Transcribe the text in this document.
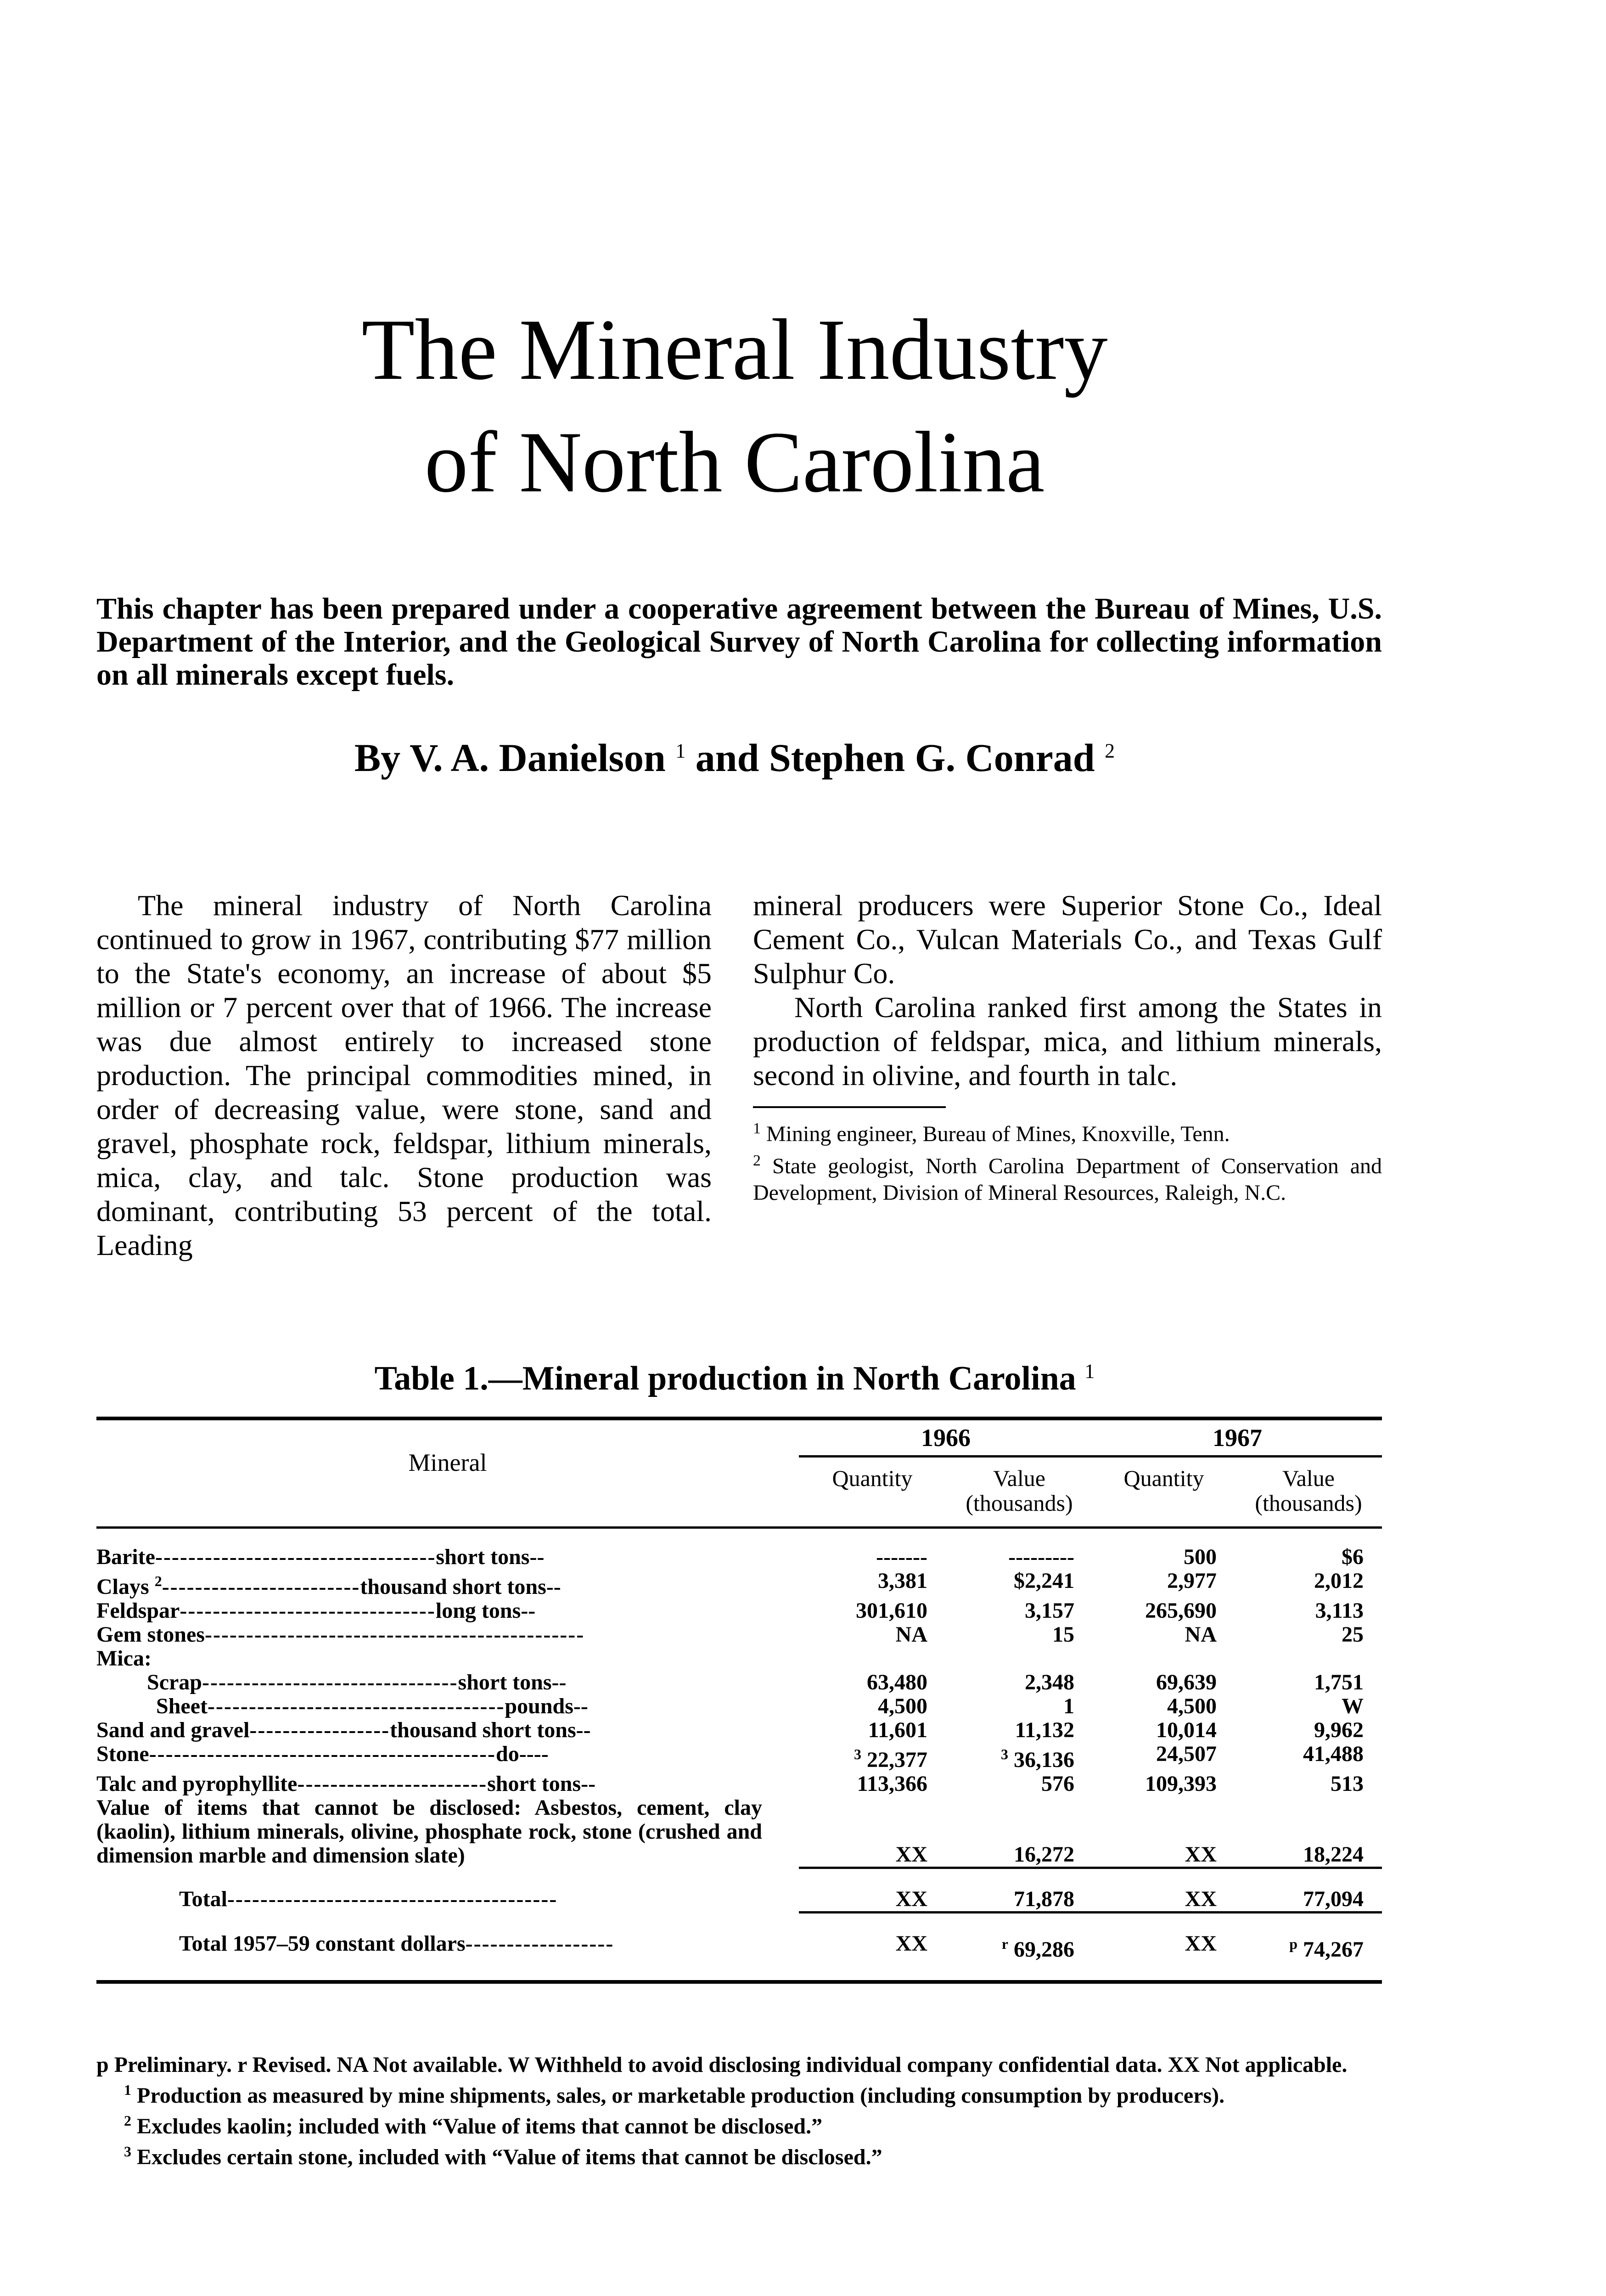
The Mineral Industry
of North Carolina
This chapter has been prepared under a cooperative agreement between the Bureau of Mines, U.S. Department of the Interior, and the Geological Survey of North Carolina for collecting information on all minerals except fuels.
By V. A. Danielson $^1$ and Stephen G. Conrad $^2$

The mineral industry of North Carolina continued to grow in 1967, contributing $77 million to the State's economy, an increase of about $5 million or 7 percent over that of 1966. The increase was due almost entirely to increased stone production. The principal commodities mined, in order of decreasing value, were stone, sand and gravel, phosphate rock, feldspar, lithium minerals, mica, clay, and talc. Stone production was dominant, contributing 53 percent of the total. Leading

mineral producers were Superior Stone Co., Ideal Cement Co., Vulcan Materials Co., and Texas Gulf Sulphur Co.

North Carolina ranked first among the States in production of feldspar, mica, and lithium minerals, second in olivine, and fourth in talc.

$^1$ Mining engineer, Bureau of Mines, Knoxville, Tenn.

$^2$ State geologist, North Carolina Department of Conservation and Development, Division of Mineral Resources, Raleigh, N.C.

Table 1.—Mineral production in North Carolina $^1$

Mineral	1966		1967	
	Quantity	Value (thousands)	Quantity	Value (thousands)

Barite----------------------------------short tons--	-------	---------	500	$6
Clays $^2$------------------------thousand short tons--	3,381	$2,241	2,977	2,012
Feldspar-------------------------------long tons--	301,610	3,157	265,690	3,113
Gem stones----------------------------------------------	NA	15	NA	25
Mica:				
Scrap-------------------------------short tons--	63,480	2,348	69,639	1,751
Sheet------------------------------------pounds--	4,500	1	4,500	W
Sand and gravel-----------------thousand short tons--	11,601	11,132	10,014	9,962
Stone------------------------------------------do----	$^3$ 22,377	$^3$ 36,136	24,507	41,488
Talc and pyrophyllite-----------------------short tons--	113,366	576	109,393	513
Value of items that cannot be disclosed: Asbestos, cement, clay (kaolin), lithium minerals, olivine, phosphate rock, stone (crushed and dimension marble and dimension slate)	XX	16,272	XX	18,224

Total----------------------------------------	XX	71,878	XX	77,094

Total 1957–59 constant dollars------------------	XX	$^r$ 69,286	XX	$^p$ 74,267

p Preliminary. r Revised. NA Not available. W Withheld to avoid disclosing individual company confidential data. XX Not applicable.

$^1$ Production as measured by mine shipments, sales, or marketable production (including consumption by producers).

$^2$ Excludes kaolin; included with “Value of items that cannot be disclosed.”

$^3$ Excludes certain stone, included with “Value of items that cannot be disclosed.”
